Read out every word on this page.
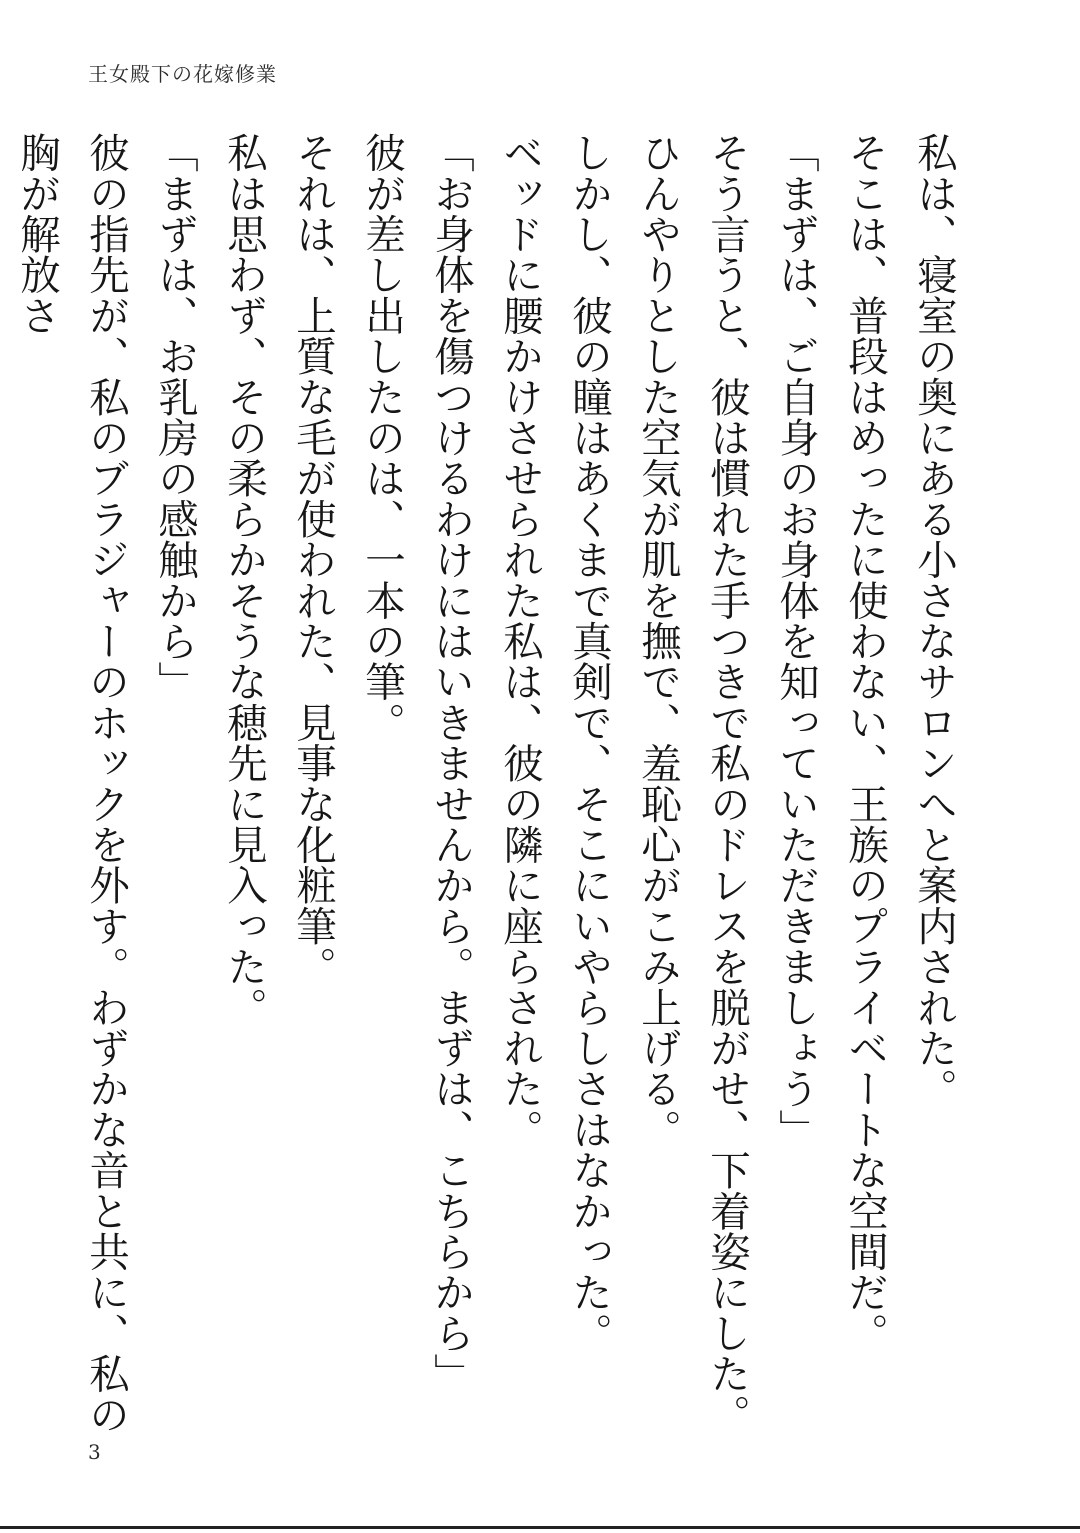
王女殿下の花嫁修業

私は、寝室の奥にある小さなサロンへと案内された。

そこは、普段はめったに使わない、王族のプライベートな空間だ。

「まずは、ご自身のお身体を知っていただきましょう」

そう言うと、彼は慣れた手つきで私のドレスを脱がせ、下着姿にした。

ひんやりとした空気が肌を撫で、羞恥心がこみ上げる。

しかし、彼の瞳はあくまで真剣で、そこにいやらしさはなかった。

ベッドに腰かけさせられた私は、彼の隣に座らされた。

「お身体を傷つけるわけにはいきませんから。まずは、こちらから」

彼が差し出したのは、一本の筆。

それは、上質な毛が使われた、見事な化粧筆。

私は思わず、その柔らかそうな穂先に見入った。

「まずは、お乳房の感触から」

彼の指先が、私のブラジャーのホックを外す。わずかな音と共に、私の胸が解放さ

3
